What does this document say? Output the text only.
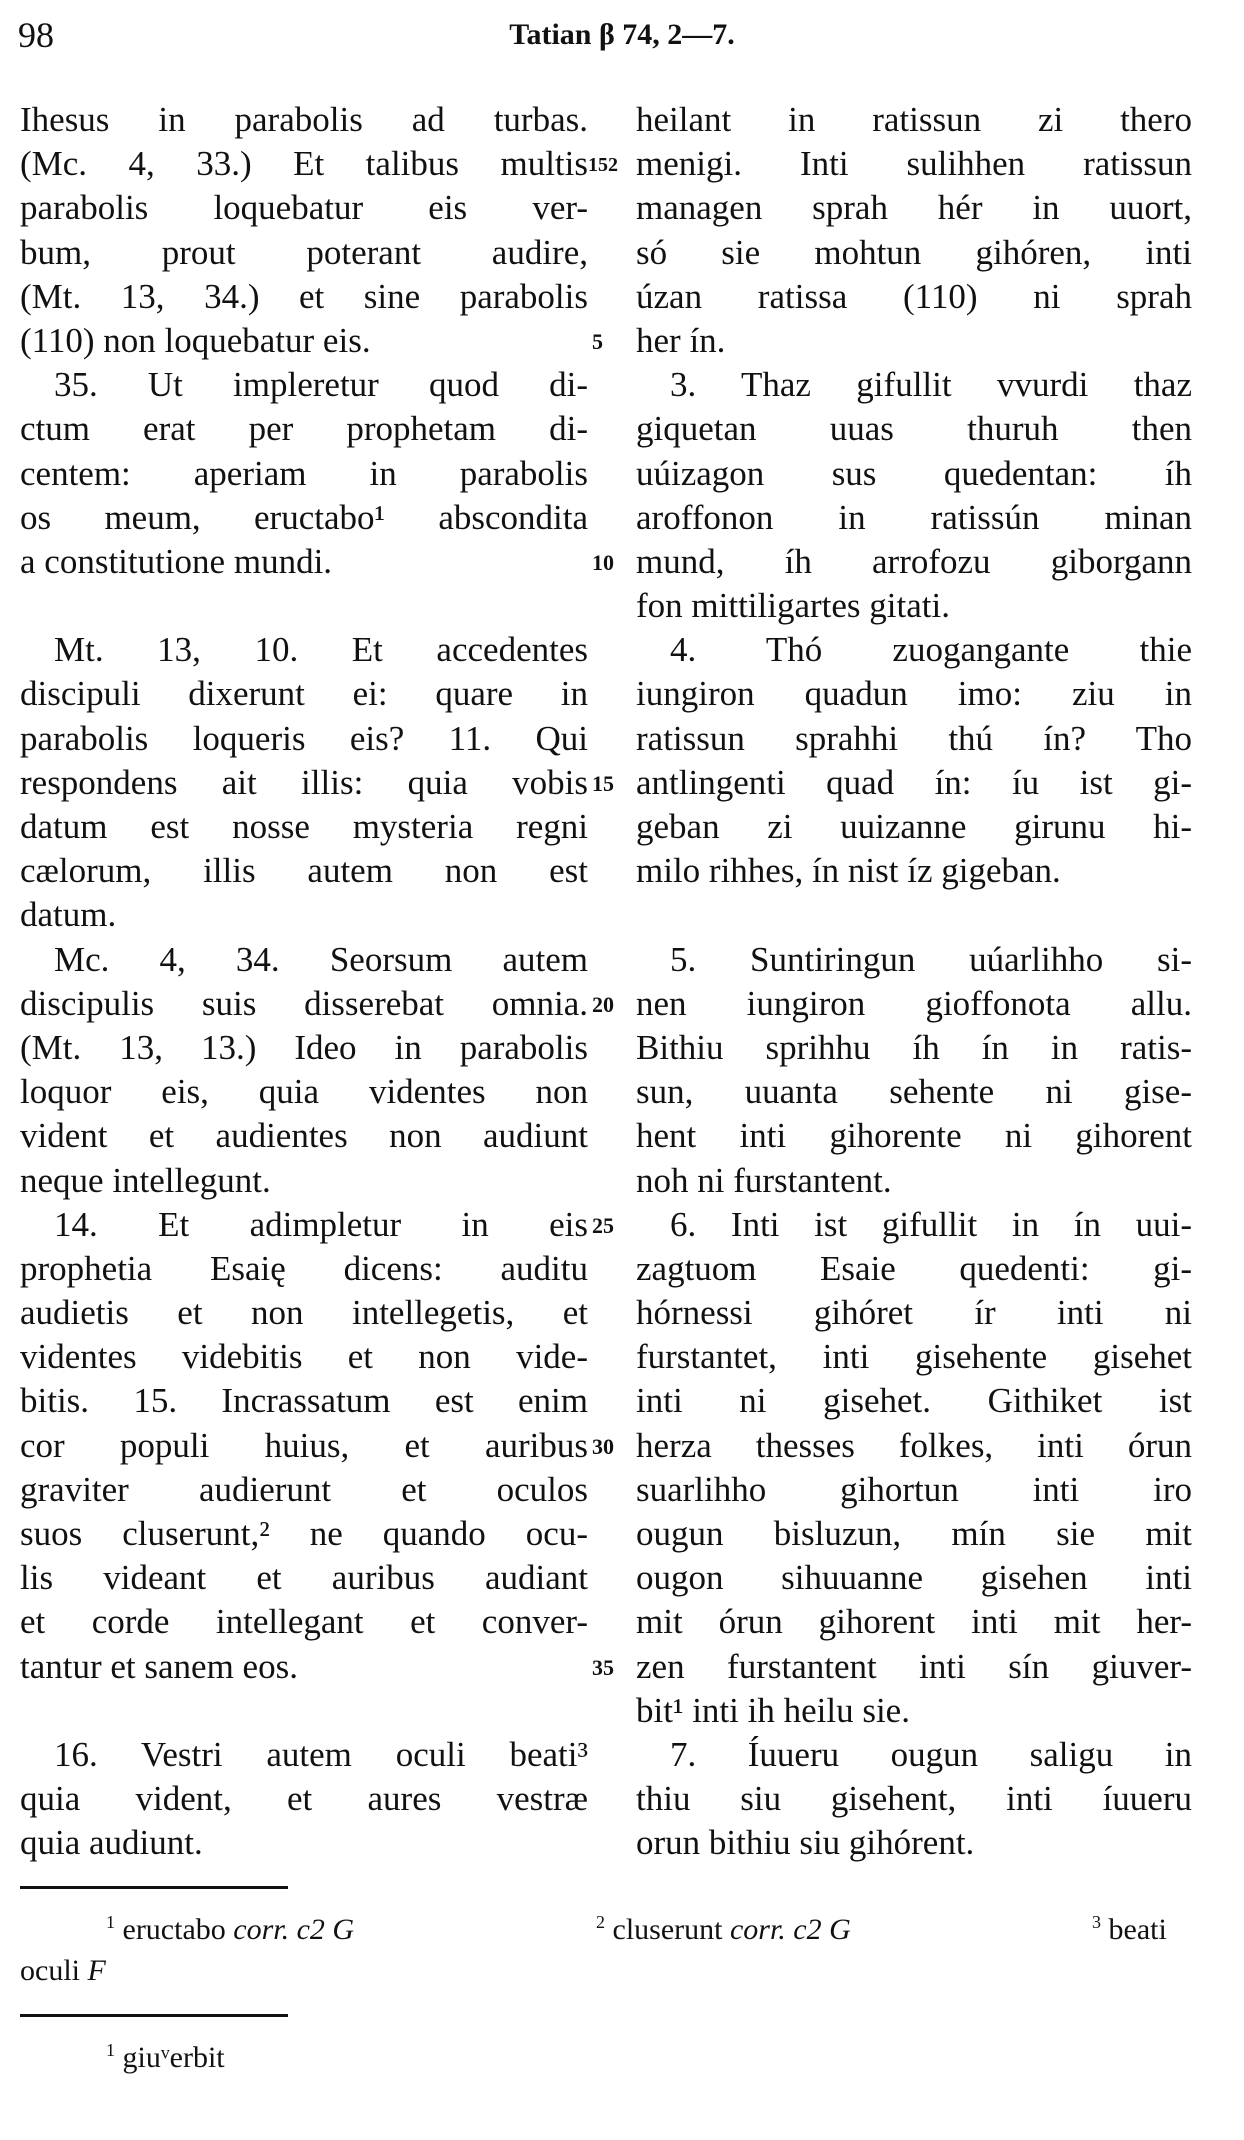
98	Tatian β 74, 2—7.
Ihesus in parabolis ad turbas.
(Mc. 4, 33.) Et talibus multis
parabolis loquebatur eis ver-
bum, prout poterant audire,
(Mt. 13, 34.) et sine parabolis
(110) non loquebatur eis.
35. Ut impleretur quod di-
ctum erat per prophetam di-
centem: aperiam in parabolis
os meum, eructabo¹ abscondita
a constitutione mundi.
Mt. 13, 10. Et accedentes
discipuli dixerunt ei: quare in
parabolis loqueris eis? 11. Qui
respondens ait illis: quia vobis
datum est nosse mysteria regni
cælorum, illis autem non est
datum.
Mc. 4, 34. Seorsum autem
discipulis suis disserebat omnia.
(Mt. 13, 13.) Ideo in parabolis
loquor eis, quia videntes non
vident et audientes non audiunt
neque intellegunt.
14. Et adimpletur in eis
prophetia Esaię dicens: auditu
audietis et non intellegetis, et
videntes videbitis et non vide-
bitis. 15. Incrassatum est enim
cor populi huius, et auribus
graviter audierunt et oculos
suos cluserunt,² ne quando ocu-
lis videant et auribus audiant
et corde intellegant et conver-
tantur et sanem eos.
16. Vestri autem oculi beati³
quia vident, et aures vestræ
quia audiunt.
152
5
10
15
20
25
30
35
heilant in ratissun zi thero
menigi. Inti sulihhen ratissun
managen sprah hér in uuort,
só sie mohtun gihóren, inti
úzan ratissa (110) ni sprah
her ín.
3. Thaz gifullit vvurdi thaz
giquetan uuas thuruh then
uúizagon sus quedentan: íh
aroffonon in ratissún minan
mund, íh arrofozu giborgann
fon mittiligartes gitati.
4. Thó zuogangante thie
iungiron quadun imo: ziu in
ratissun sprahhi thú ín? Tho
antlingenti quad ín: íu ist gi-
geban zi uuizanne girunu hi-
milo rihhes, ín nist íz gigeban.
5. Suntiringun uúarlihho si-
nen iungiron gioffonota allu.
Bithiu sprihhu íh ín in ratis-
sun, uuanta sehente ni gise-
hent inti gihorente ni gihorent
noh ni furstantent.
6. Inti ist gifullit in ín uui-
zagtuom Esaie quedenti: gi-
hórnessi gihóret ír inti ni
furstantet, inti gisehente gisehet
inti ni gisehet. Githiket ist
herza thesses folkes, inti órun
suarlihho gihortun inti iro
ougun bisluzun, mín sie mit
ougon sihuuanne gisehen inti
mit órun gihorent inti mit her-
zen furstantent inti sín giuver-
bit¹ inti ih heilu sie.
7. Íuueru ougun saligu in
thiu siu gisehent, inti íuueru
orun bithiu siu gihórent.
$^1$ eructabo corr. c2 G	$^2$ cluserunt corr. c2 G	$^3$ beati
oculi F
$^1$ giuᵛerbit
